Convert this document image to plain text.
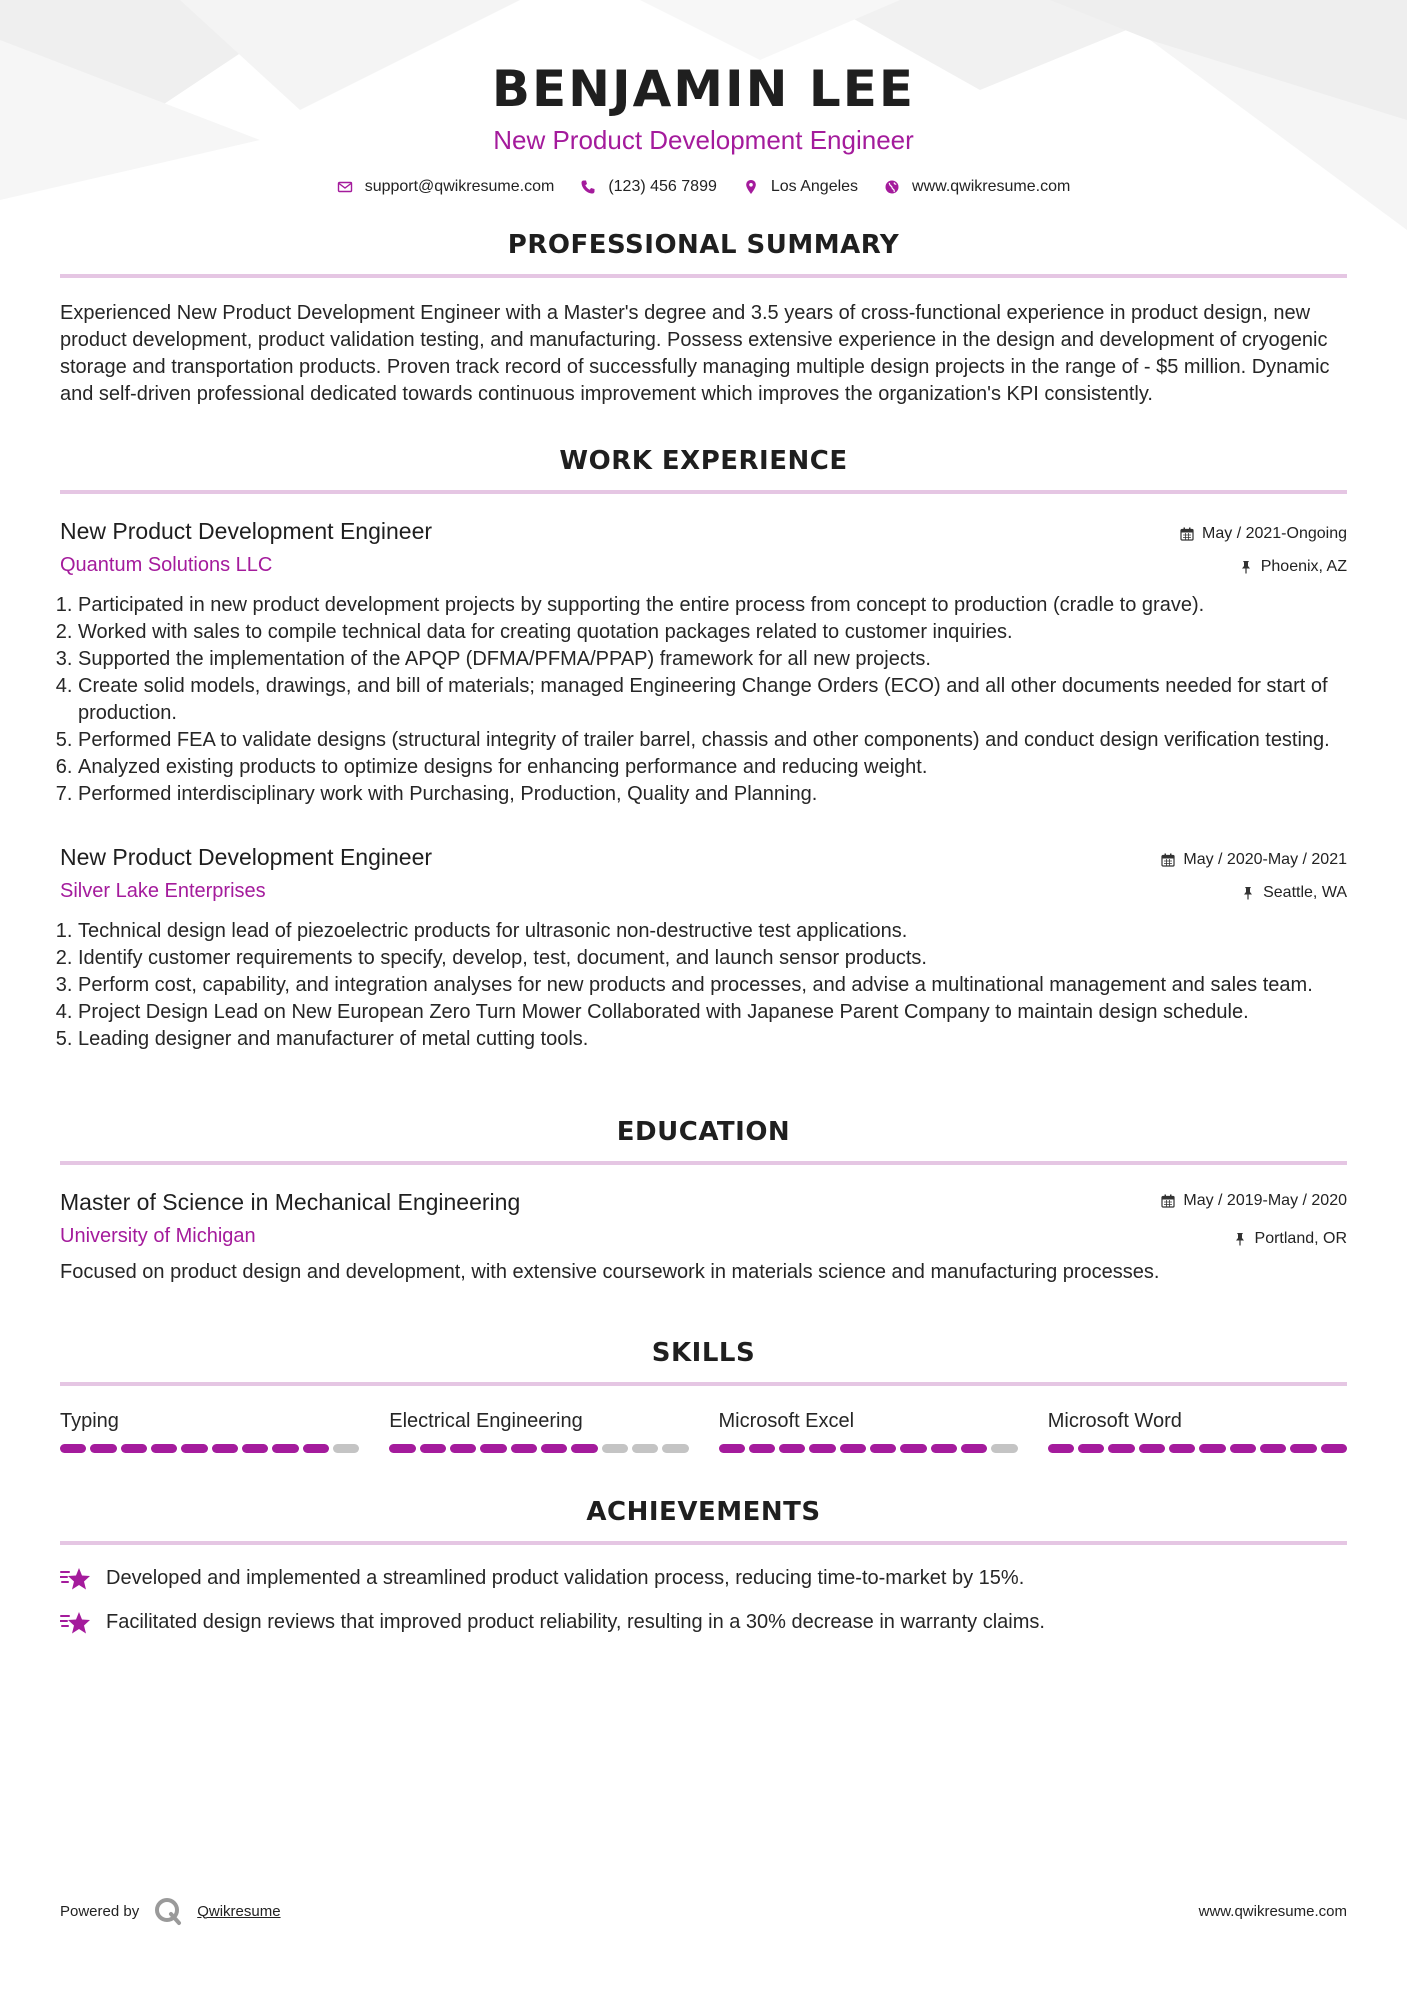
BENJAMIN LEE
New Product Development Engineer
support@qwikresume.com	(123) 456 7899	Los Angeles	www.qwikresume.com
PROFESSIONAL SUMMARY

Experienced New Product Development Engineer with a Master's degree and 3.5 years of cross-functional experience in product design, new product development, product validation testing, and manufacturing. Possess extensive experience in the design and development of cryogenic storage and transportation products. Proven track record of successfully managing multiple design projects in the range of - $5 million. Dynamic and self-driven professional dedicated towards continuous improvement which improves the organization's KPI consistently.

WORK EXPERIENCE
New Product Development Engineer
Quantum Solutions LLC
May / 2021-Ongoing
Phoenix, AZ
1. Participated in new product development projects by supporting the entire process from concept to production (cradle to grave).
2. Worked with sales to compile technical data for creating quotation packages related to customer inquiries.
3. Supported the implementation of the APQP (DFMA/PFMA/PPAP) framework for all new projects.
4. Create solid models, drawings, and bill of materials; managed Engineering Change Orders (ECO) and all other documents needed for start of production.
5. Performed FEA to validate designs (structural integrity of trailer barrel, chassis and other components) and conduct design verification testing.
6. Analyzed existing products to optimize designs for enhancing performance and reducing weight.
7. Performed interdisciplinary work with Purchasing, Production, Quality and Planning.
New Product Development Engineer
Silver Lake Enterprises
May / 2020-May / 2021
Seattle, WA
1. Technical design lead of piezoelectric products for ultrasonic non-destructive test applications.
2. Identify customer requirements to specify, develop, test, document, and launch sensor products.
3. Perform cost, capability, and integration analyses for new products and processes, and advise a multinational management and sales team.
4. Project Design Lead on New European Zero Turn Mower Collaborated with Japanese Parent Company to maintain design schedule.
5. Leading designer and manufacturer of metal cutting tools.
EDUCATION
Master of Science in Mechanical Engineering
University of Michigan
May / 2019-May / 2020
Portland, OR

Focused on product design and development, with extensive coursework in materials science and manufacturing processes.

SKILLS
Typing	Electrical Engineering	Microsoft Excel	Microsoft Word
ACHIEVEMENTS
Developed and implemented a streamlined product validation process, reducing time-to-market by 15%.
Facilitated design reviews that improved product reliability, resulting in a 30% decrease in warranty claims.
Powered by	Qwikresume	www.qwikresume.com
